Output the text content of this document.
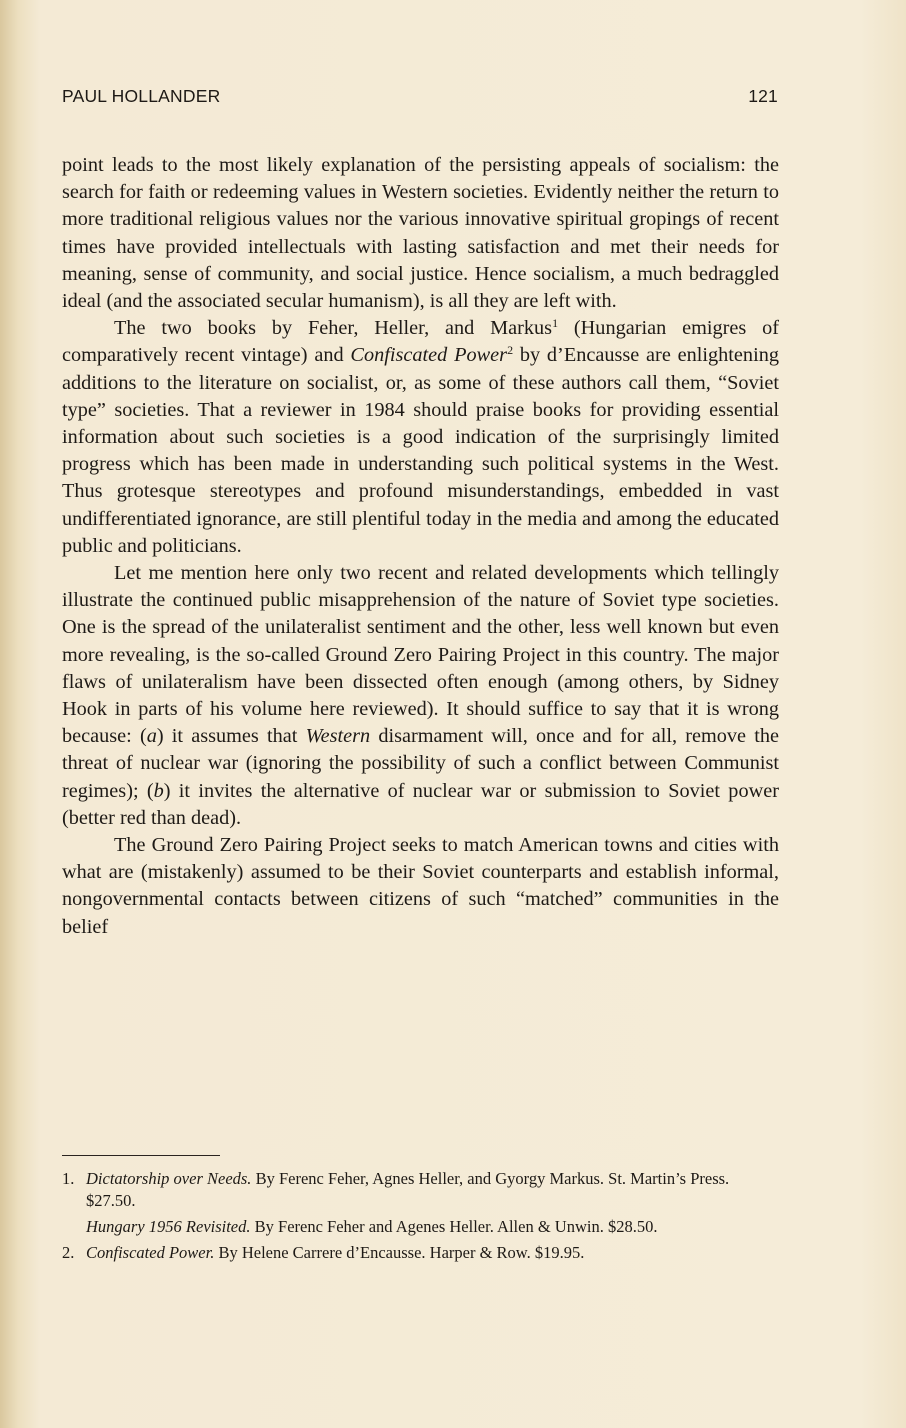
PAUL HOLLANDER	121

point leads to the most likely explanation of the persisting appeals of socialism: the search for faith or redeeming values in Western societies. Evidently neither the return to more traditional religious values nor the various innovative spiritual gropings of recent times have provided intellectuals with lasting satisfaction and met their needs for meaning, sense of community, and social justice. Hence socialism, a much bedraggled ideal (and the associated secular humanism), is all they are left with.

The two books by Feher, Heller, and Markus$^1$ (Hungarian emigres of comparatively recent vintage) and Confiscated Power$^2$ by d’Encausse are enlightening additions to the literature on socialist, or, as some of these authors call them, “Soviet type” societies. That a reviewer in 1984 should praise books for providing essential information about such societies is a good indication of the surprisingly limited progress which has been made in understanding such political systems in the West. Thus grotesque stereotypes and profound misunderstandings, embedded in vast undifferentiated ignorance, are still plentiful today in the media and among the educated public and politicians.

Let me mention here only two recent and related developments which tellingly illustrate the continued public misapprehension of the nature of Soviet type societies. One is the spread of the unilateralist sentiment and the other, less well known but even more revealing, is the so-called Ground Zero Pairing Project in this country. The major flaws of unilateralism have been dissected often enough (among others, by Sidney Hook in parts of his volume here reviewed). It should suffice to say that it is wrong because: (a) it assumes that Western disarmament will, once and for all, remove the threat of nuclear war (ignoring the possibility of such a conflict between Communist regimes); (b) it invites the alternative of nuclear war or submission to Soviet power (better red than dead).

The Ground Zero Pairing Project seeks to match American towns and cities with what are (mistakenly) assumed to be their Soviet counterparts and establish informal, nongovernmental contacts between citizens of such “matched” communities in the belief

1. Dictatorship over Needs. By Ferenc Feher, Agnes Heller, and Gyorgy Markus. St. Martin’s Press. $27.50.
Hungary 1956 Revisited. By Ferenc Feher and Agenes Heller. Allen & Unwin. $28.50.
2. Confiscated Power. By Helene Carrere d’Encausse. Harper & Row. $19.95.
